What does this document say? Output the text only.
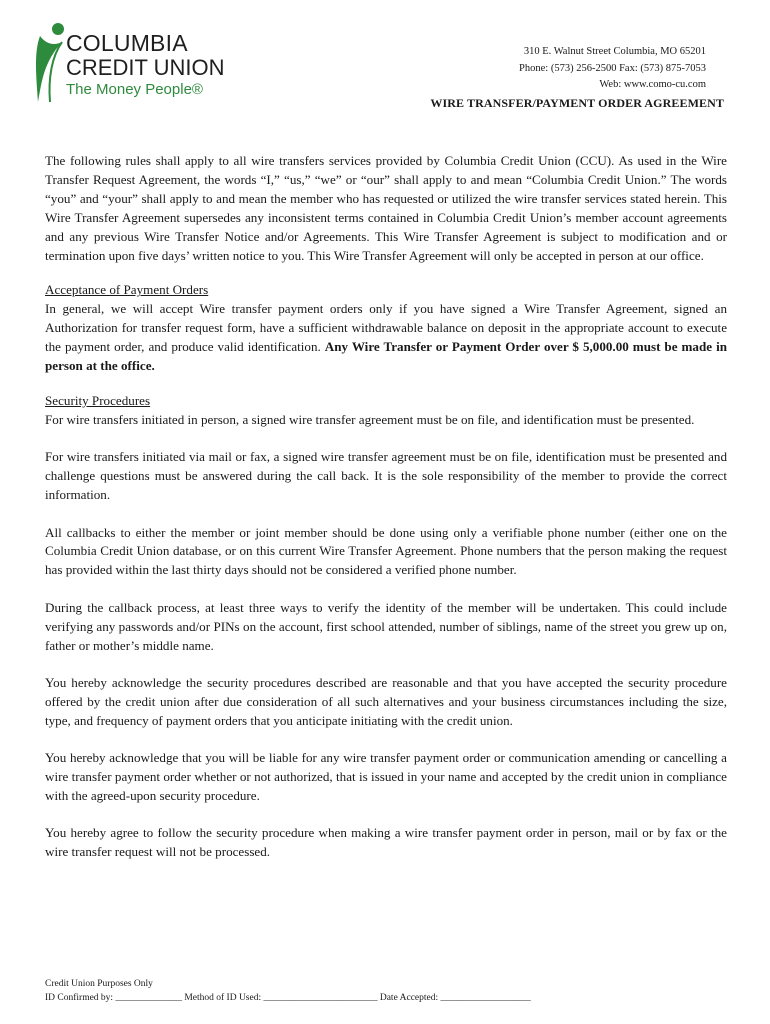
COLUMBIA
CREDIT UNION
The Money People®
310 E. Walnut Street Columbia, MO 65201
Phone: (573) 256-2500 Fax: (573) 875-7053
Web: www.como-cu.com
WIRE TRANSFER/PAYMENT ORDER AGREEMENT

The following rules shall apply to all wire transfers services provided by Columbia Credit Union (CCU). As used in the Wire Transfer Request Agreement, the words “I,” “us,” “we” or “our” shall apply to and mean “Columbia Credit Union.” The words “you” and “your” shall apply to and mean the member who has requested or utilized the wire transfer services stated herein. This Wire Transfer Agreement supersedes any inconsistent terms contained in Columbia Credit Union’s member account agreements and any previous Wire Transfer Notice and/or Agreements. This Wire Transfer Agreement is subject to modification and or termination upon five days’ written notice to you. This Wire Transfer Agreement will only be accepted in person at our office.

Acceptance of Payment Orders

In general, we will accept Wire transfer payment orders only if you have signed a Wire Transfer Agreement, signed an Authorization for transfer request form, have a sufficient withdrawable balance on deposit in the appropriate account to execute the payment order, and produce valid identification. Any Wire Transfer or Payment Order over $ 5,000.00 must be made in person at the office.

Security Procedures

For wire transfers initiated in person, a signed wire transfer agreement must be on file, and identification must be presented.

For wire transfers initiated via mail or fax, a signed wire transfer agreement must be on file, identification must be presented and challenge questions must be answered during the call back. It is the sole responsibility of the member to provide the correct information.

All callbacks to either the member or joint member should be done using only a verifiable phone number (either one on the Columbia Credit Union database, or on this current Wire Transfer Agreement. Phone numbers that the person making the request has provided within the last thirty days should not be considered a verified phone number.

During the callback process, at least three ways to verify the identity of the member will be undertaken. This could include verifying any passwords and/or PINs on the account, first school attended, number of siblings, name of the street you grew up on, father or mother’s middle name.

You hereby acknowledge the security procedures described are reasonable and that you have accepted the security procedure offered by the credit union after due consideration of all such alternatives and your business circumstances including the size, type, and frequency of payment orders that you anticipate initiating with the credit union.

You hereby acknowledge that you will be liable for any wire transfer payment order or communication amending or cancelling a wire transfer payment order whether or not authorized, that is issued in your name and accepted by the credit union in compliance with the agreed-upon security procedure.

You hereby agree to follow the security procedure when making a wire transfer payment order in person, mail or by fax or the wire transfer request will not be processed.

Credit Union Purposes Only
ID Confirmed by: ______________ Method of ID Used: ________________________ Date Accepted: ___________________
